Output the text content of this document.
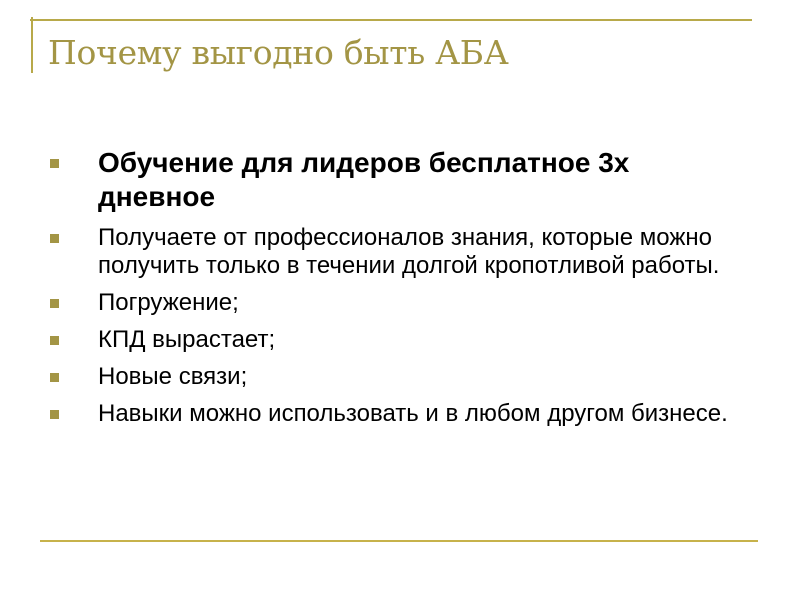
Почему выгодно быть АБА
Обучение для лидеров бесплатное 3х дневное
Получаете от профессионалов знания, которые можно получить только в течении долгой кропотливой работы.
Погружение;
КПД вырастает;
Новые связи;
Навыки можно использовать и в любом другом бизнесе.
